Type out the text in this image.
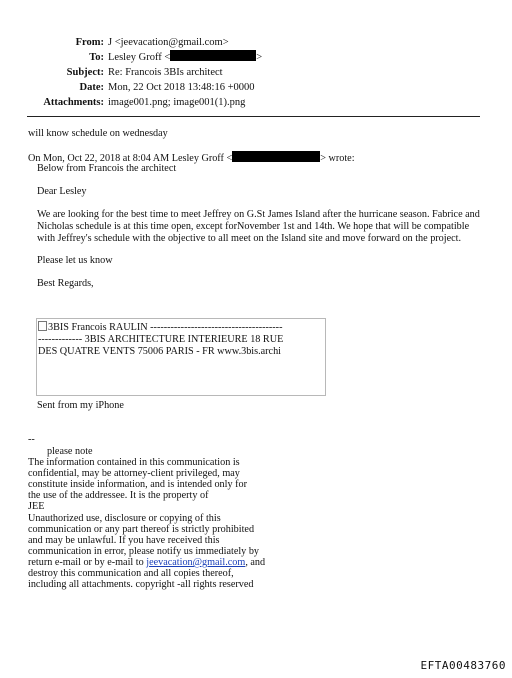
From: J <jeevacation@gmail.com>
To: Lesley Groff <	>
Subject: Re: Francois 3BIs architect
Date: Mon, 22 Oct 2018 13:48:16 +0000
Attachments: image001.png; image001(1).png
will know schedule on wednesday
On Mon, Oct 22, 2018 at 8:04 AM Lesley Groff <	> wrote:
Below from Francois the architect
Dear Lesley
We are looking for the best time to meet Jeffrey on G.St James Island after the hurricane season. Fabrice and
Nicholas schedule is at this time open, except forNovember 1st and 14th. We hope that will be compatible
with Jeffrey's schedule with the objective to all meet on the Island site and move forward on the project.
Please let us know
Best Regards,
3BIS Francois RAULIN ---------------------------------------
------------- 3BIS ARCHITECTURE INTERIEURE 18 RUE
DES QUATRE VENTS 75006 PARIS - FR www.3bis.archi
Sent from my iPhone
--
please note
The information contained in this communication is
confidential, may be attorney-client privileged, may
constitute inside information, and is intended only for
the use of the addressee. It is the property of
JEE
Unauthorized use, disclosure or copying of this
communication or any part thereof is strictly prohibited
and may be unlawful. If you have received this
communication in error, please notify us immediately by
return e-mail or by e-mail to jeevacation@gmail.com, and
destroy this communication and all copies thereof,
including all attachments. copyright -all rights reserved
EFTA00483760
